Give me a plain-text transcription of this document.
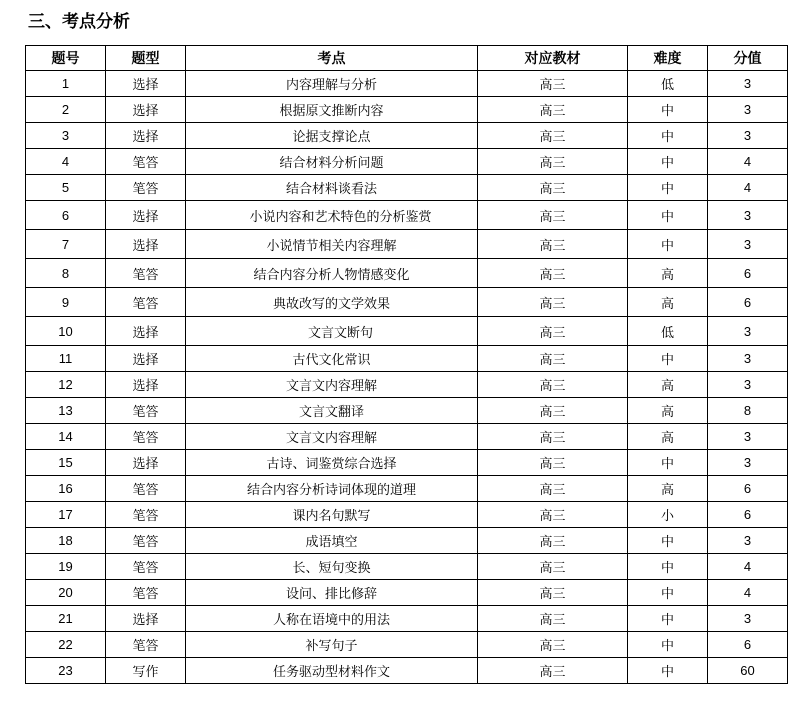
三、考点分析
题号	题型	考点	对应教材	难度	分值
1	选择	内容理解与分析	高三	低	3
2	选择	根据原文推断内容	高三	中	3
3	选择	论据支撑论点	高三	中	3
4	笔答	结合材料分析问题	高三	中	4
5	笔答	结合材料谈看法	高三	中	4
6	选择	小说内容和艺术特色的分析鉴赏	高三	中	3
7	选择	小说情节相关内容理解	高三	中	3
8	笔答	结合内容分析人物情感变化	高三	高	6
9	笔答	典故改写的文学效果	高三	高	6
10	选择	文言文断句	高三	低	3
11	选择	古代文化常识	高三	中	3
12	选择	文言文内容理解	高三	高	3
13	笔答	文言文翻译	高三	高	8
14	笔答	文言文内容理解	高三	高	3
15	选择	古诗、词鉴赏综合选择	高三	中	3
16	笔答	结合内容分析诗词体现的道理	高三	高	6
17	笔答	课内名句默写	高三	小	6
18	笔答	成语填空	高三	中	3
19	笔答	长、短句变换	高三	中	4
20	笔答	设问、排比修辞	高三	中	4
21	选择	人称在语境中的用法	高三	中	3
22	笔答	补写句子	高三	中	6
23	写作	任务驱动型材料作文	高三	中	60
